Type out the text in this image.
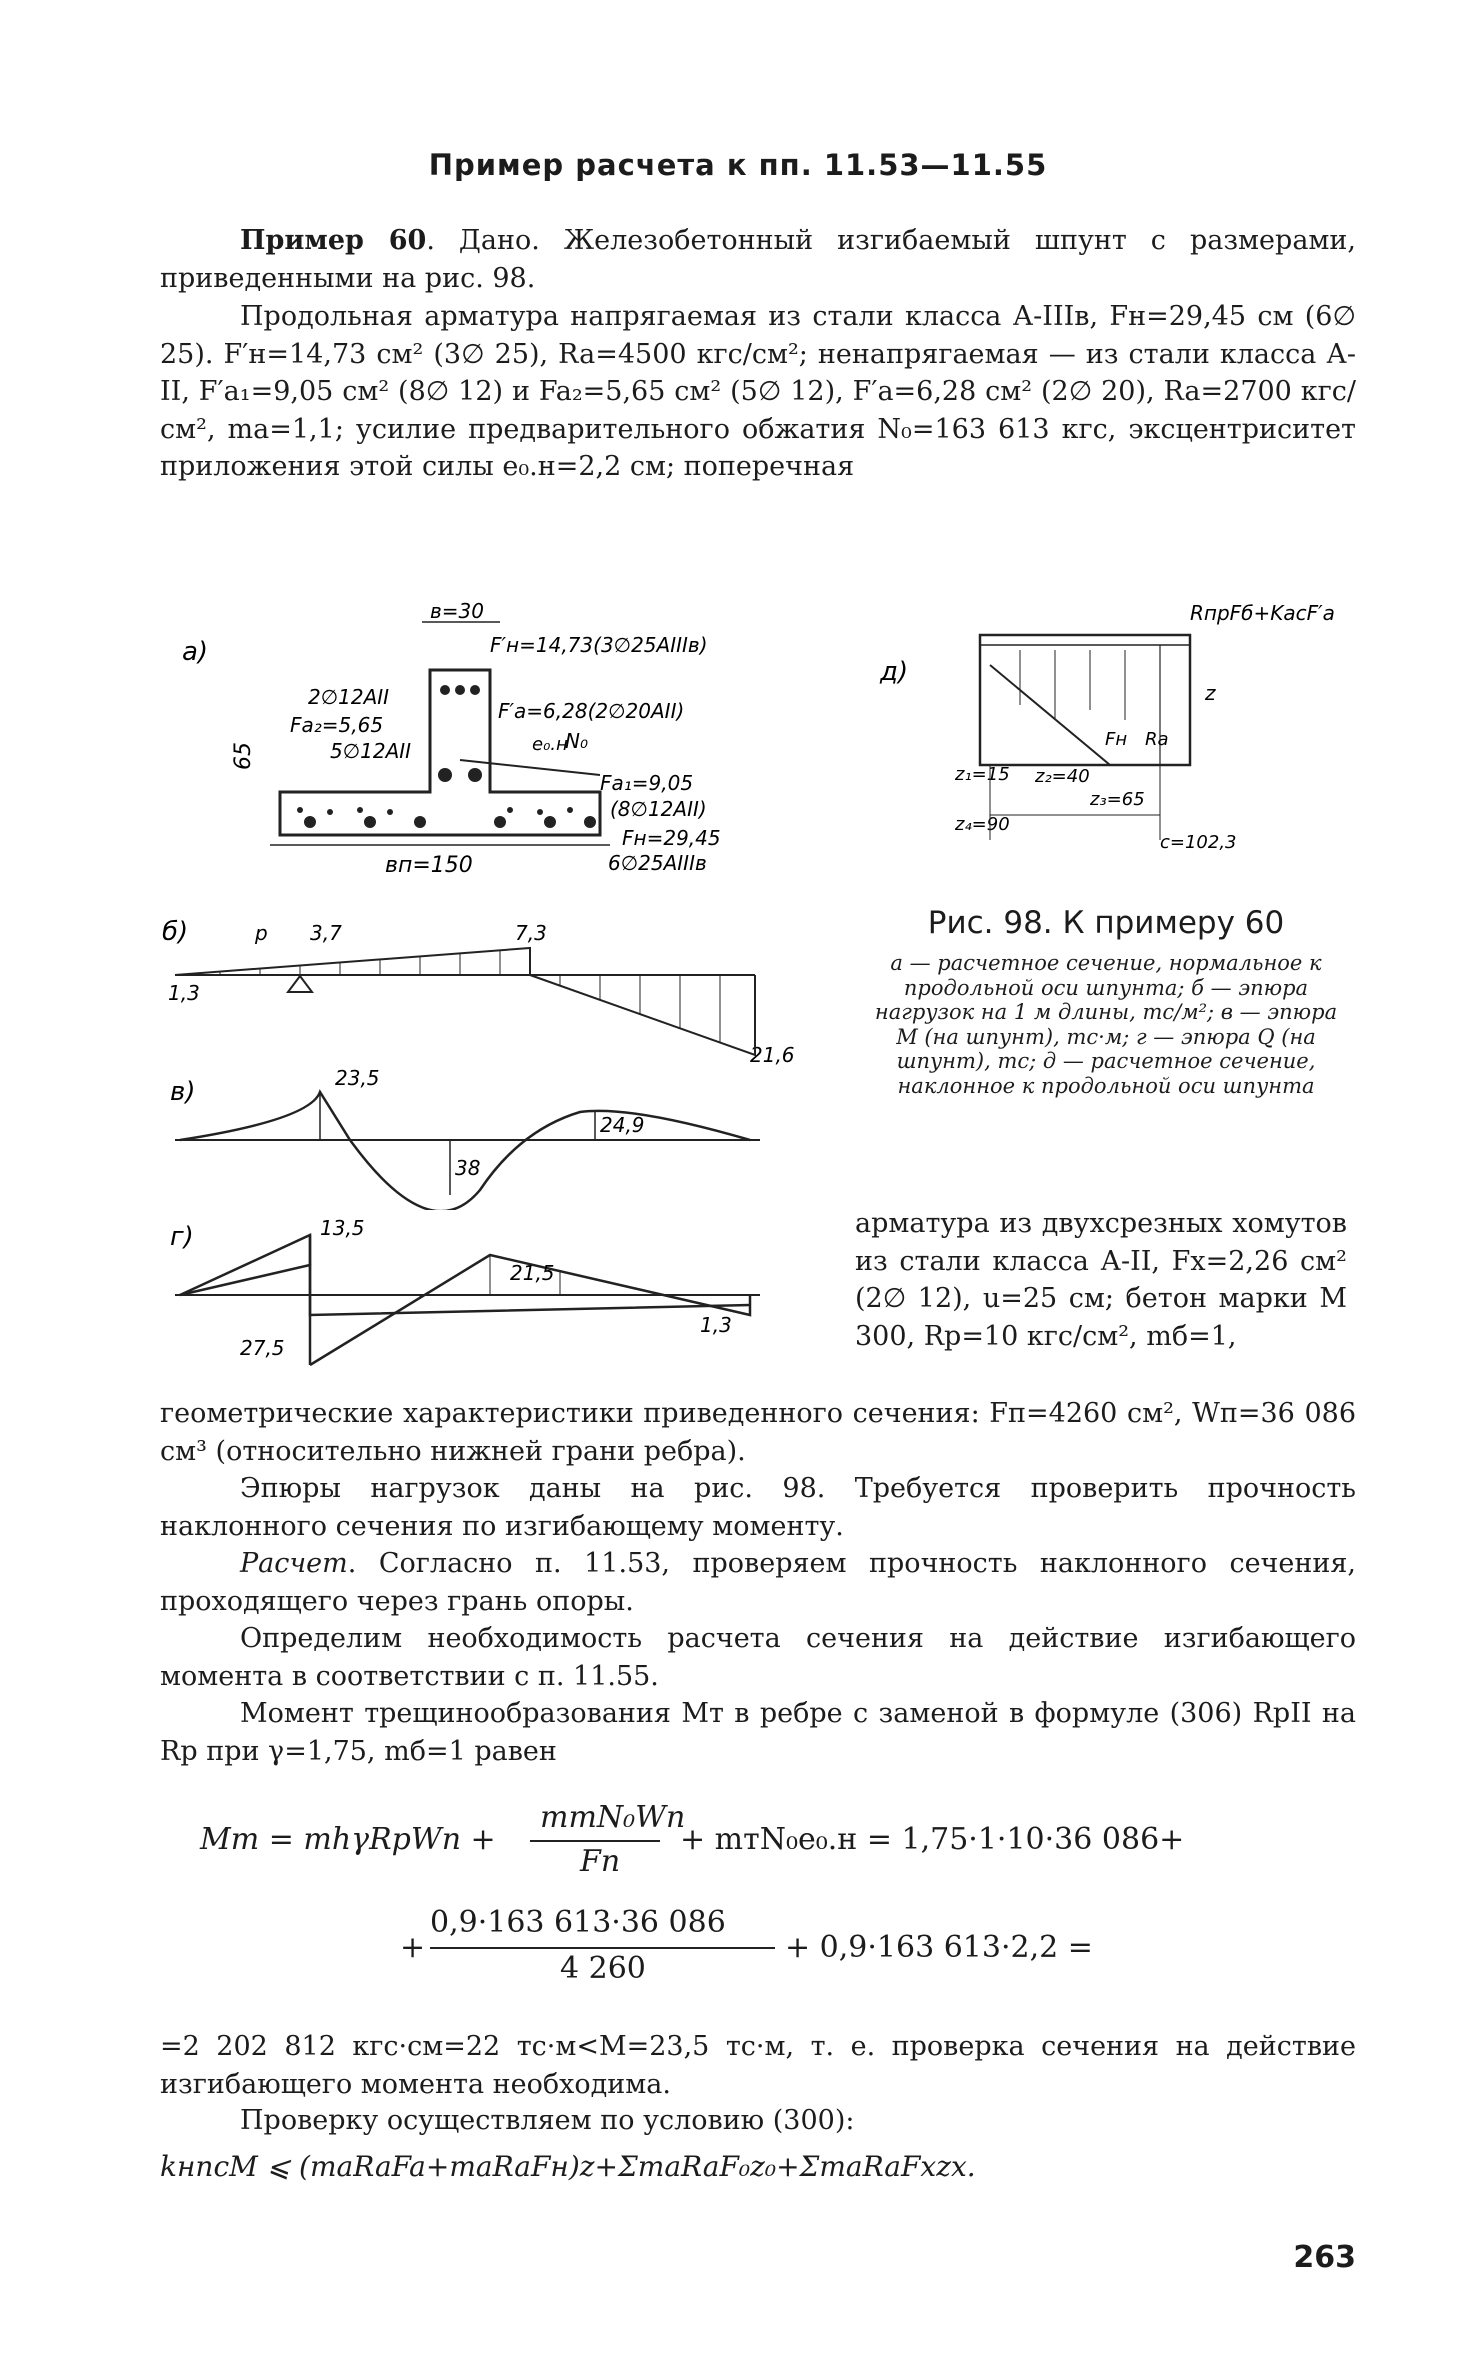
Пример расчета к пп. 11.53—11.55

Пример 60. Дано. Железобетонный изгибаемый шпунт с размерами, приведенными на рис. 98.

Продольная арматура напрягаемая из стали класса А-IIIв, Fн=29,45 см (6∅ 25). F′н=14,73 см² (3∅ 25), Ra=4500 кгс/см²; ненапрягаемая — из стали класса А-II, F′a₁=9,05 см² (8∅ 12) и Fa₂=5,65 см² (5∅ 12), F′a=6,28 см² (2∅ 20), Ra=2700 кгс/см², ma=1,1; усилие предварительного обжатия N₀=163 613 кгс, эксцентриситет приложения этой силы e₀.н=2,2 см; поперечная

а)
в=30
F′н=14,73(3∅25AIIIв)
2∅12AII
Fa₂=5,65
5∅12AII
F′a=6,28(2∅20AII)
e₀.н
N₀
65
Fa₁=9,05
(8∅12AII)
Fн=29,45
6∅25AIIIв
вп=150
д)
RпрFб+KасF′а
z
Fн Ra
z₁=15 z₂=40
z₃=65
z₄=90
c=102,3
б)	p 3,7	7,3
1,3
21,6
в)	23,5
38
24,9
г)	13,5
21,5
1,3
27,5
Рис. 98. К примеру 60
а — расчетное сечение, нормальное к продольной оси шпунта; б — эпюра нагрузок на 1 м длины, тс/м²; в — эпюра М (на шпунт), тс·м; г — эпюра Q (на шпунт), тс; д — расчетное сечение, наклонное к продольной оси шпунта

арматура из двухсрезных хомутов из стали класса А-II, Fx=2,26 см² (2∅ 12), u=25 см; бетон марки М 300, Rр=10 кгс/см², mб=1,

геометрические характеристики приведенного сечения: Fп=4260 см², Wп=36 086 см³ (относительно нижней грани ребра).

Эпюры нагрузок даны на рис. 98. Требуется проверить прочность наклонного сечения по изгибающему моменту.

Расчет. Согласно п. 11.53, проверяем прочность наклонного сечения, проходящего через грань опоры.

Определим необходимость расчета сечения на действие изгибающего момента в соответствии с п. 11.55.

Момент трещинообразования Mт в ребре с заменой в формуле (306) RрII на Rр при γ=1,75, mб=1 равен

Mт = mhγRрWп +
mтN₀Wп
Fп
+ mтN₀e₀.н = 1,75·1·10·36 086+
+
0,9·163 613·36 086
4 260
+ 0,9·163 613·2,2 =

=2 202 812 кгс·см=22 тс·м<M=23,5 тс·м, т. е. проверка сечения на действие изгибающего момента необходима.

Проверку осуществляем по условию (300):

kнncM ⩽ (maRaFa+maRaFн)z+ΣmaRaF₀z₀+ΣmaRaFxzx.
263
